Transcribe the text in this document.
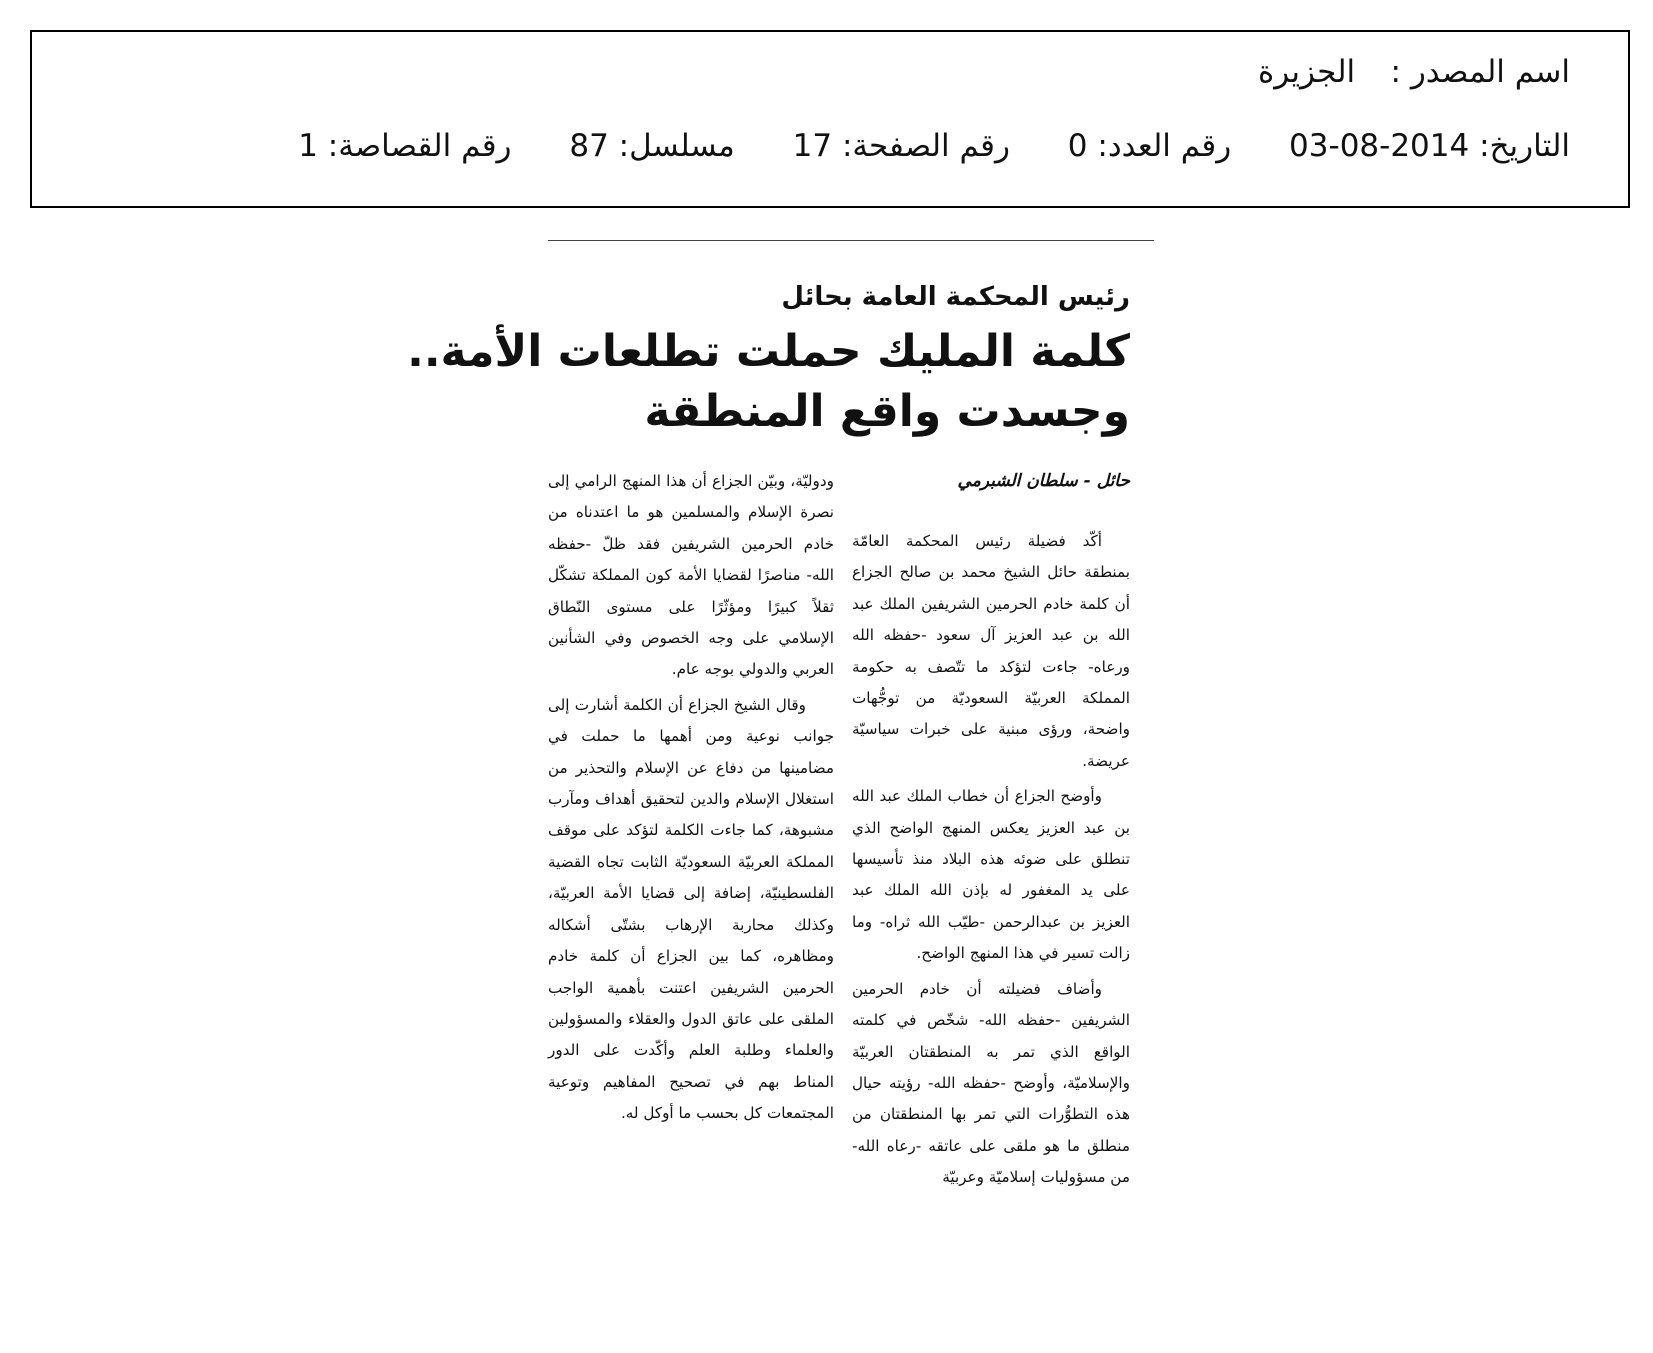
اسم المصدر : الجزيرة
التاريخ: 2014-08-03 رقم العدد: 0 رقم الصفحة: 17 مسلسل: 87 رقم القصاصة: 1
رئيس المحكمة العامة بحائل
كلمة المليك حملت تطلعات الأمة..
وجسدت واقع المنطقة
حائل - سلطان الشبرمي

أكّد فضيلة رئيس المحكمة العامّة بمنطقة حائل الشيخ محمد بن صالح الجزاع أن كلمة خادم الحرمين الشريفين الملك عبد الله بن عبد العزيز آل سعود -حفظه الله ورعاه- جاءت لتؤكد ما تتّصف به حكومة المملكة العربيّة السعوديّة من توجُّهات واضحة، ورؤى مبنية على خبرات سياسيّة عريضة.

وأوضح الجزاع أن خطاب الملك عبد الله بن عبد العزيز يعكس المنهج الواضح الذي تنطلق على ضوئه هذه البلاد منذ تأسيسها على يد المغفور له بإذن الله الملك عبد العزيز بن عبدالرحمن -طيّب الله ثراه- وما زالت تسير في هذا المنهج الواضح.

وأضاف فضيلته أن خادم الحرمين الشريفين -حفظه الله- شخّص في كلمته الواقع الذي تمر به المنطقتان العربيّة والإسلاميّة، وأوضح -حفظه الله- رؤيته حيال هذه التطوُّرات التي تمر بها المنطقتان من منطلق ما هو ملقى على عاتقه -رعاه الله- من مسؤوليات إسلاميّة وعربيّة

ودوليّة، وبيّن الجزاع أن هذا المنهج الرامي إلى نصرة الإسلام والمسلمين هو ما اعتدناه من خادم الحرمين الشريفين فقد ظلّ -حفظه الله- مناصرًا لقضايا الأمة كون المملكة تشكّل ثقلاً كبيرًا ومؤثّرًا على مستوى النّطاق الإسلامي على وجه الخصوص وفي الشأنين العربي والدولي بوجه عام.

وقال الشيخ الجزاع أن الكلمة أشارت إلى جوانب نوعية ومن أهمها ما حملت في مضامينها من دفاع عن الإسلام والتحذير من استغلال الإسلام والدين لتحقيق أهداف ومآرب مشبوهة، كما جاءت الكلمة لتؤكد على موقف المملكة العربيّة السعوديّة الثابت تجاه القضية الفلسطينيّة، إضافة إلى قضايا الأمة العربيّة، وكذلك محاربة الإرهاب بشتّى أشكاله ومظاهره، كما بين الجزاع أن كلمة خادم الحرمين الشريفين اعتنت بأهمية الواجب الملقى على عاتق الدول والعقلاء والمسؤولين والعلماء وطلبة العلم وأكّدت على الدور المناط بهم في تصحيح المفاهيم وتوعية المجتمعات كل بحسب ما أوكل له.
